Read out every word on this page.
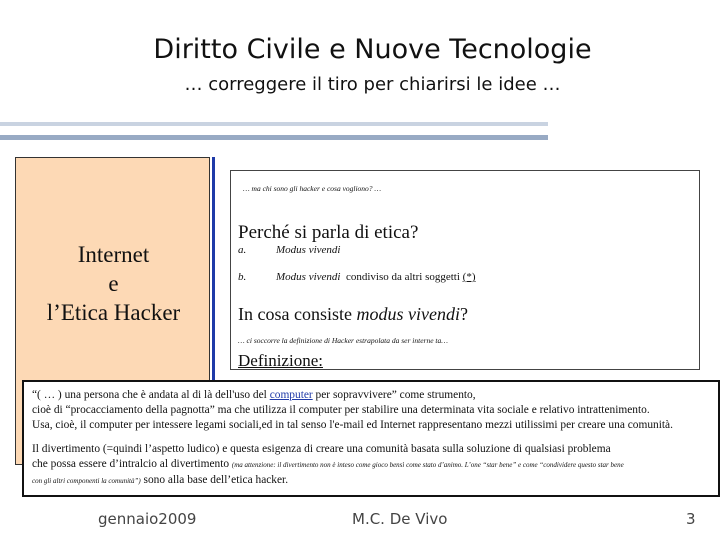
Diritto Civile e Nuove Tecnologie
… correggere il tiro per chiarirsi le idee …
Internet
e
l’Etica Hacker
… ma chi sono gli hacker e cosa vogliono? …
Perché si parla di etica?
a.	Modus vivendi
b.	Modus vivendi condiviso da altri soggetti (*)
In cosa consiste modus vivendi?
… ci soccorre la definizione di Hacker estrapolata da ser interne ta…
Definizione:
“( … ) una persona che è andata al di là dell'uso del computer per sopravvivere” come strumento,
cioè di “procacciamento della pagnotta” ma che utilizza il computer per stabilire una determinata vita sociale e relativo intrattenimento.
Usa, cioè, il computer per intessere legami sociali,ed in tal senso l'e-mail ed Internet rappresentano mezzi utilissimi per creare una comunità.
Il divertimento (=quindi l’aspetto ludico) e questa esigenza di creare una comunità basata sulla soluzione di qualsiasi problema
che possa essere d’intralcio al divertimento (ma attenzione: il divertimento non è inteso come gioco bensì come stato d’animo. L’one “star bene” e come “condividere questo star bene
con gli altri componenti la comunità”) sono alla base dell’etica hacker.
gennaio2009	M.C. De Vivo	3
